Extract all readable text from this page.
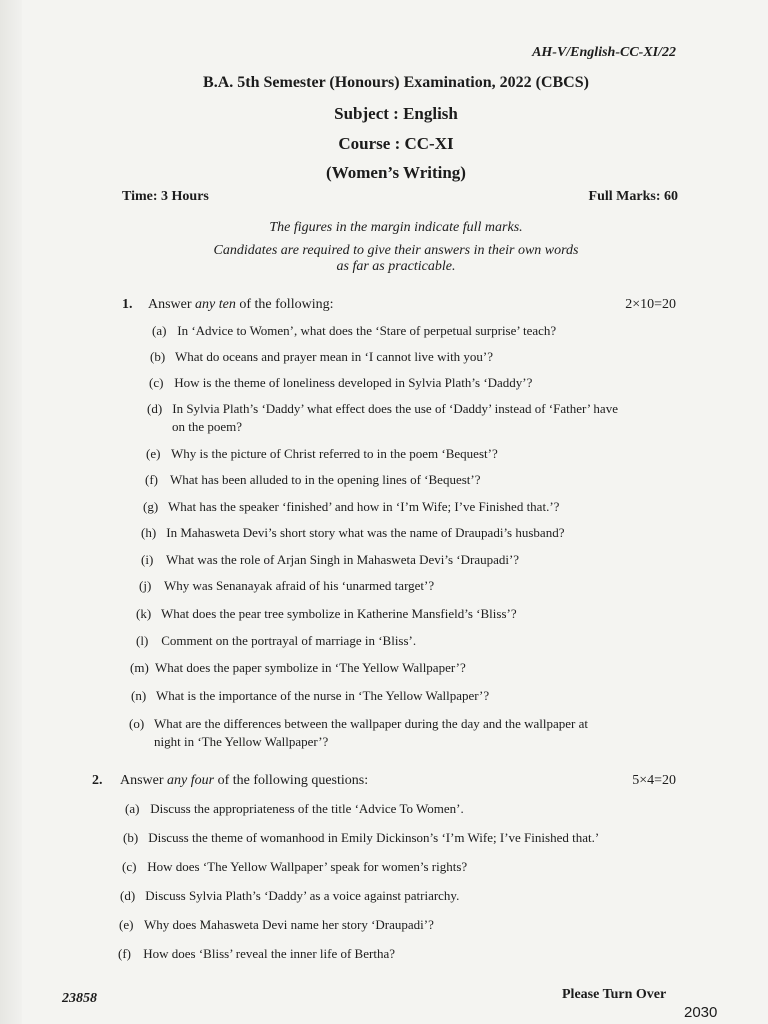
AH-V/English-CC-XI/22
B.A. 5th Semester (Honours) Examination, 2022 (CBCS)
Subject : English
Course : CC-XI
(Women’s Writing)
Time: 3 Hours	Full Marks: 60
The figures in the margin indicate full marks.
Candidates are required to give their answers in their own words
as far as practicable.
1. Answer any ten of the following:	2×10=20
(a) In ‘Advice to Women’, what does the ‘Stare of perpetual surprise’ teach?
(b) What do oceans and prayer mean in ‘I cannot live with you’?
(c) How is the theme of loneliness developed in Sylvia Plath’s ‘Daddy’?
(d) In Sylvia Plath’s ‘Daddy’ what effect does the use of ‘Daddy’ instead of ‘Father’ have
on the poem?
(e) Why is the picture of Christ referred to in the poem ‘Bequest’?
(f) What has been alluded to in the opening lines of ‘Bequest’?
(g) What has the speaker ‘finished’ and how in ‘I’m Wife; I’ve Finished that.’?
(h) In Mahasweta Devi’s short story what was the name of Draupadi’s husband?
(i) What was the role of Arjan Singh in Mahasweta Devi’s ‘Draupadi’?
(j) Why was Senanayak afraid of his ‘unarmed target’?
(k) What does the pear tree symbolize in Katherine Mansfield’s ‘Bliss’?
(l) Comment on the portrayal of marriage in ‘Bliss’.
(m) What does the paper symbolize in ‘The Yellow Wallpaper’?
(n) What is the importance of the nurse in ‘The Yellow Wallpaper’?
(o) What are the differences between the wallpaper during the day and the wallpaper at
night in ‘The Yellow Wallpaper’?
2. Answer any four of the following questions:	5×4=20
(a) Discuss the appropriateness of the title ‘Advice To Women’.
(b) Discuss the theme of womanhood in Emily Dickinson’s ‘I’m Wife; I’ve Finished that.’
(c) How does ‘The Yellow Wallpaper’ speak for women’s rights?
(d) Discuss Sylvia Plath’s ‘Daddy’ as a voice against patriarchy.
(e) Why does Mahasweta Devi name her story ‘Draupadi’?
(f) How does ‘Bliss’ reveal the inner life of Bertha?
23858	Please Turn Over
2030
